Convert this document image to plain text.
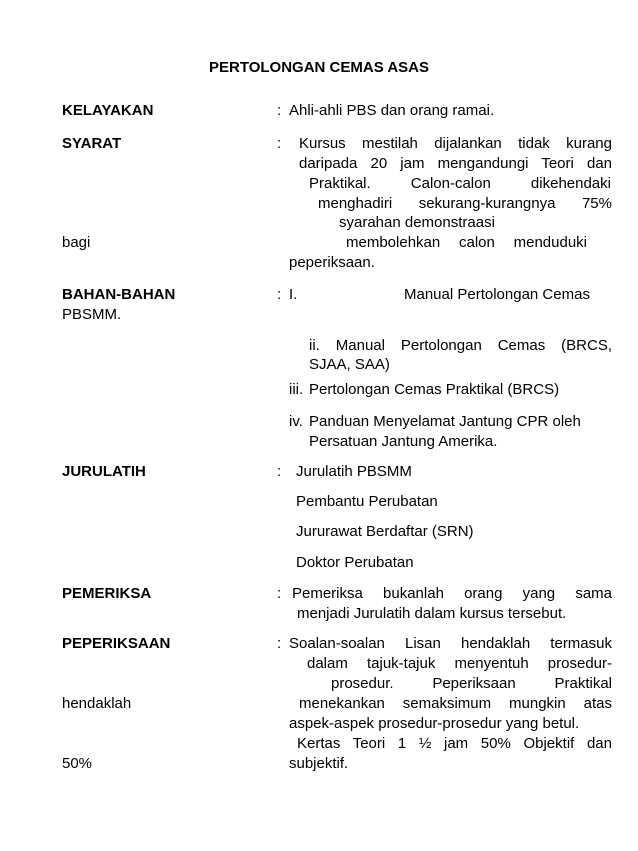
PERTOLONGAN CEMAS ASAS
KELAYAKAN	: Ahli-ahli PBS dan orang ramai.
SYARAT	: Kursus mestilah dijalankan tidak kurang
daripada 20 jam mengandungi Teori dan
Praktikal. Calon-calon dikehendaki
menghadiri sekurang-kurangnya 75%
syarahan demonstraasi
bagi	membolehkan calon menduduki
peperiksaan.
BAHAN-BAHAN	: I.	Manual Pertolongan Cemas
PBSMM.
ii. Manual Pertolongan Cemas (BRCS,
SJAA, SAA)
iii. Pertolongan Cemas Praktikal (BRCS)
iv. Panduan Menyelamat Jantung CPR oleh
Persatuan Jantung Amerika.
JURULATIH	: Jurulatih PBSMM
Pembantu Perubatan
Jururawat Berdaftar (SRN)
Doktor Perubatan
PEMERIKSA	: Pemeriksa bukanlah orang yang sama
menjadi Jurulatih dalam kursus tersebut.
PEPERIKSAAN	: Soalan-soalan Lisan hendaklah termasuk
dalam tajuk-tajuk menyentuh prosedur-
prosedur. Peperiksaan Praktikal
hendaklah	menekankan semaksimum mungkin atas
aspek-aspek prosedur-prosedur yang betul.
Kertas Teori 1 ½ jam 50% Objektif dan
50%	subjektif.
